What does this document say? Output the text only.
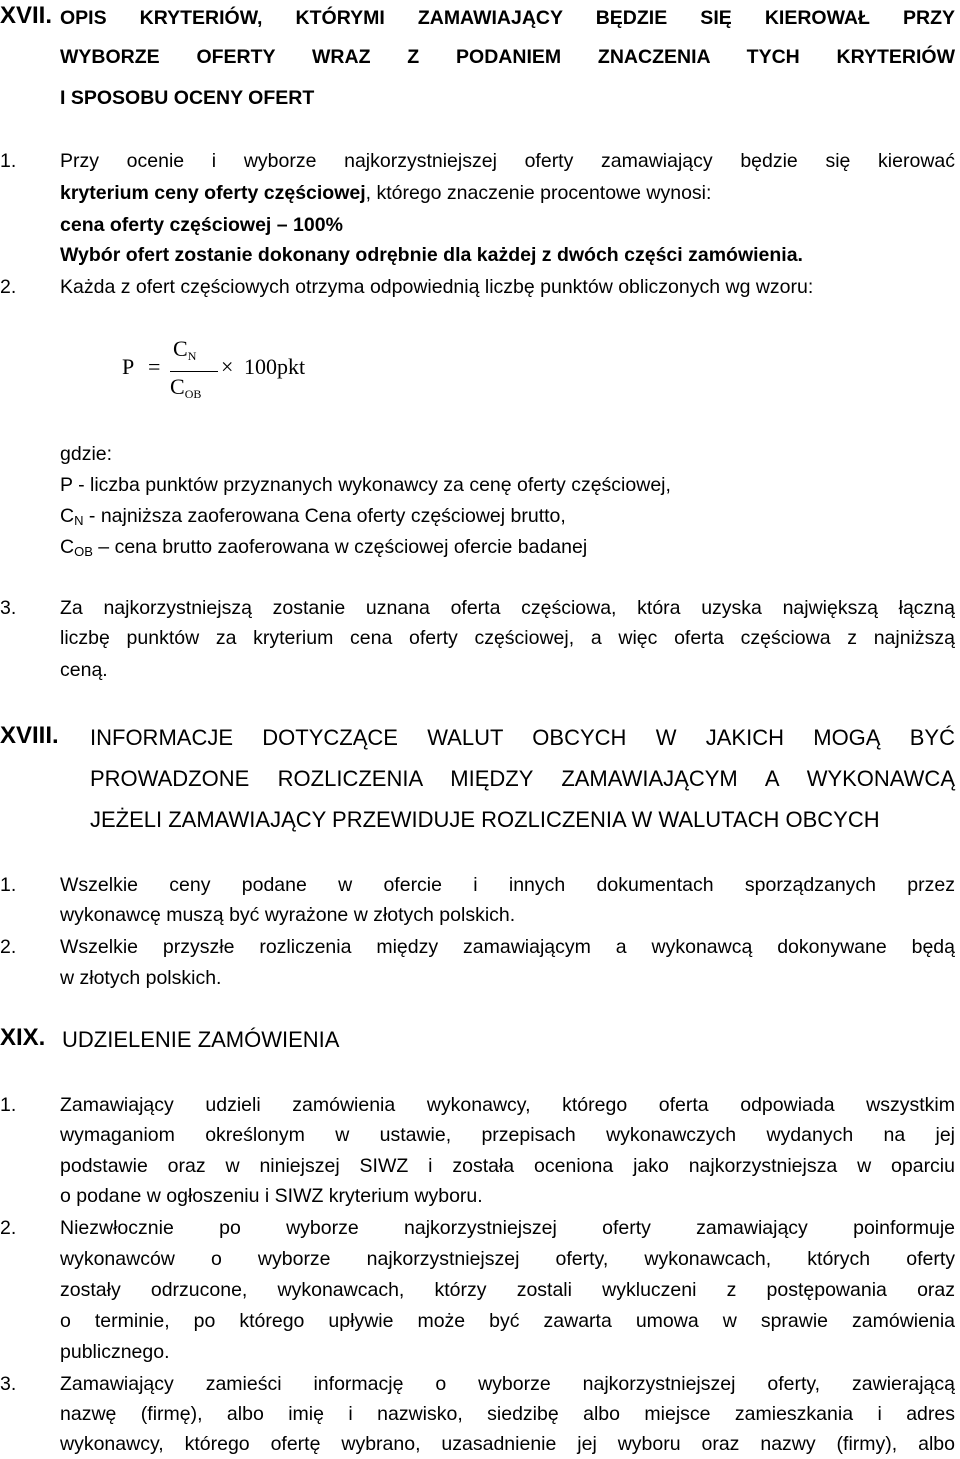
XVII. OPIS KRYTERIÓW, KTÓRYMI ZAMAWIAJĄCY BĘDZIE SIĘ KIEROWAŁ PRZY
WYBORZE OFERTY WRAZ Z PODANIEM ZNACZENIA TYCH KRYTERIÓW
I SPOSOBU OCENY OFERT
1. Przy ocenie i wyborze najkorzystniejszej oferty zamawiający będzie się kierować
kryterium ceny oferty częściowej, którego znaczenie procentowe wynosi:
cena oferty częściowej – 100%
Wybór ofert zostanie dokonany odrębnie dla każdej z dwóch części zamówienia.
2. Każda z ofert częściowych otrzyma odpowiednią liczbę punktów obliczonych wg wzoru:
P =
$C_N$
$C_{OB}$
× 100pkt
gdzie:
P - liczba punktów przyznanych wykonawcy za cenę oferty częściowej,
$C_N$ - najniższa zaoferowana Cena oferty częściowej brutto,
$C_{OB}$ – cena brutto zaoferowana w częściowej ofercie badanej
3. Za najkorzystniejszą zostanie uznana oferta częściowa, która uzyska największą łączną
liczbę punktów za kryterium cena oferty częściowej, a więc oferta częściowa z najniższą
ceną.
XVIII. INFORMACJE DOTYCZĄCE WALUT OBCYCH W JAKICH MOGĄ BYĆ
PROWADZONE ROZLICZENIA MIĘDZY ZAMAWIAJĄCYM A WYKONAWCĄ
JEŻELI ZAMAWIAJĄCY PRZEWIDUJE ROZLICZENIA W WALUTACH OBCYCH
1. Wszelkie ceny podane w ofercie i innych dokumentach sporządzanych przez
wykonawcę muszą być wyrażone w złotych polskich.
2. Wszelkie przyszłe rozliczenia między zamawiającym a wykonawcą dokonywane będą
w złotych polskich.
XIX. UDZIELENIE ZAMÓWIENIA
1. Zamawiający udzieli zamówienia wykonawcy, którego oferta odpowiada wszystkim
wymaganiom określonym w ustawie, przepisach wykonawczych wydanych na jej
podstawie oraz w niniejszej SIWZ i została oceniona jako najkorzystniejsza w oparciu
o podane w ogłoszeniu i SIWZ kryterium wyboru.
2. Niezwłocznie po wyborze najkorzystniejszej oferty zamawiający poinformuje
wykonawców o wyborze najkorzystniejszej oferty, wykonawcach, których oferty
zostały odrzucone, wykonawcach, którzy zostali wykluczeni z postępowania oraz
o terminie, po którego upływie może być zawarta umowa w sprawie zamówienia
publicznego.
3. Zamawiający zamieści informację o wyborze najkorzystniejszej oferty, zawierającą
nazwę (firmę), albo imię i nazwisko, siedzibę albo miejsce zamieszkania i adres
wykonawcy, którego ofertę wybrano, uzasadnienie jej wyboru oraz nazwy (firmy), albo
